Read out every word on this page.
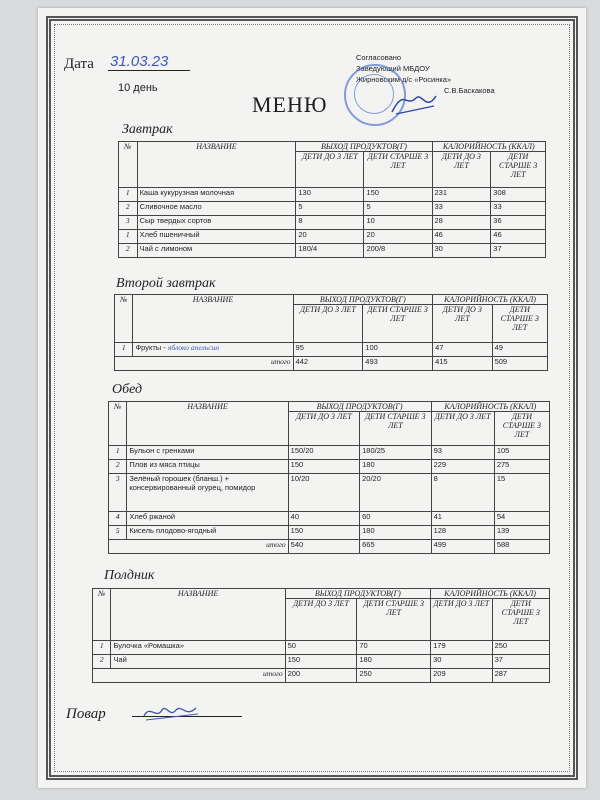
Дата 31.03.23
10 день
МЕНЮ
Согласовано
Заведующий МБДОУ
Жирновским д/с «Росинка»
С.В.Баскакова
Завтрак
№	НАЗВАНИЕ	ВЫХОД ПРОДУКТОВ(Г)		КАЛОРИЙНОСТЬ (ККАЛ)	
		ДЕТИ ДО 3 ЛЕТ	ДЕТИ СТАРШЕ 3 ЛЕТ	ДЕТИ ДО 3 ЛЕТ	ДЕТИ СТАРШЕ 3 ЛЕТ
1	Каша кукурузная молочная	130	150	231	308
2	Сливочное масло	5	5	33	33
3	Сыр твердых сортов	8	10	28	36
1	Хлеб пшеничный	20	20	46	46
2	Чай с лимоном	180/4	200/8	30	37
Второй завтрак
№	НАЗВАНИЕ	ВЫХОД ПРОДУКТОВ(Г)		КАЛОРИЙНОСТЬ (ККАЛ)	
		ДЕТИ ДО 3 ЛЕТ	ДЕТИ СТАРШЕ 3 ЛЕТ	ДЕТИ ДО 3 ЛЕТ	ДЕТИ СТАРШЕ 3 ЛЕТ
1	Фрукты - яблоко апельсин	95	100	47	49
итого		442	493	415	509
Обед
№	НАЗВАНИЕ	ВЫХОД ПРОДУКТОВ(Г)		КАЛОРИЙНОСТЬ (ККАЛ)	
		ДЕТИ ДО 3 ЛЕТ	ДЕТИ СТАРШЕ 3 ЛЕТ	ДЕТИ ДО 3 ЛЕТ	ДЕТИ СТАРШЕ 3 ЛЕТ
1	Бульон с гренками	150/20	180/25	93	105
2	Плов из мяса птицы	150	180	229	275
3	Зелёный горошек (бланш.) + консервированный огурец, помидор	10/20	20/20	8	15
4	Хлеб ржаной	40	60	41	54
5	Кисель плодово-ягодный	150	180	128	139
итого		540	665	499	588
Полдник
№	НАЗВАНИЕ	ВЫХОД ПРОДУКТОВ(Г)		КАЛОРИЙНОСТЬ (ККАЛ)	
		ДЕТИ ДО 3 ЛЕТ	ДЕТИ СТАРШЕ 3 ЛЕТ	ДЕТИ ДО 3 ЛЕТ	ДЕТИ СТАРШЕ 3 ЛЕТ
1	Булочка «Ромашка»	50	70	179	250
2	Чай	150	180	30	37
итого		200	250	209	287
Повар
